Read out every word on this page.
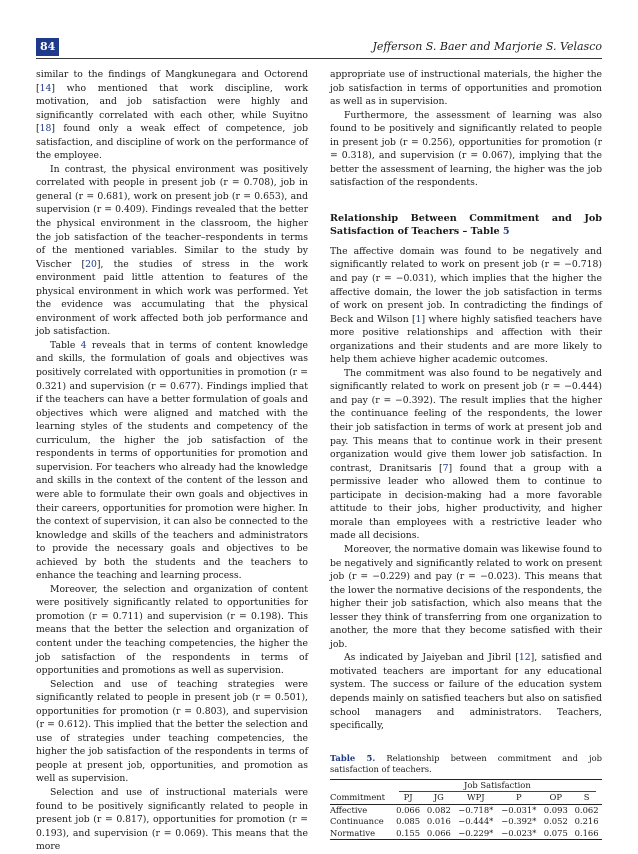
84	Jefferson S. Baer and Marjorie S. Velasco

similar to the findings of Mangkunegara and Octorend [14] who mentioned that work discipline, work motivation, and job satisfaction were highly and significantly correlated with each other, while Suyitno [18] found only a weak effect of competence, job satisfaction, and discipline of work on the performance of the employee.

In contrast, the physical environment was positively correlated with people in present job (r = 0.708), job in general (r = 0.681), work on present job (r = 0.653), and supervision (r = 0.409). Findings revealed that the better the physical environment in the classroom, the higher the job satisfaction of the teacher–respondents in terms of the mentioned variables. Similar to the study by Vischer [20], the studies of stress in the work environment paid little attention to features of the physical environment in which work was performed. Yet the evidence was accumulating that the physical environment of work affected both job performance and job satisfaction.

Table 4 reveals that in terms of content knowledge and skills, the formulation of goals and objectives was positively correlated with opportunities in promotion (r = 0.321) and supervision (r = 0.677). Findings implied that if the teachers can have a better formulation of goals and objectives which were aligned and matched with the learning styles of the students and competency of the curriculum, the higher the job satisfaction of the respondents in terms of opportunities for promotion and supervision. For teachers who already had the knowledge and skills in the context of the content of the lesson and were able to formulate their own goals and objectives in their careers, opportunities for promotion were higher. In the context of supervision, it can also be connected to the knowledge and skills of the teachers and administrators to provide the necessary goals and objectives to be achieved by both the students and the teachers to enhance the teaching and learning process.

Moreover, the selection and organization of content were positively significantly related to opportunities for promotion (r = 0.711) and supervision (r = 0.198). This means that the better the selection and organization of content under the teaching competencies, the higher the job satisfaction of the respondents in terms of opportunities and promotions as well as supervision.

Selection and use of teaching strategies were significantly related to people in present job (r = 0.501), opportunities for promotion (r = 0.803), and supervision (r = 0.612). This implied that the better the selection and use of strategies under teaching competencies, the higher the job satisfaction of the respondents in terms of people at present job, opportunities, and promotion as well as supervision.

Selection and use of instructional materials were found to be positively significantly related to people in present job (r = 0.817), opportunities for promotion (r = 0.193), and supervision (r = 0.069). This means that the more

appropriate use of instructional materials, the higher the job satisfaction in terms of opportunities and promotion as well as in supervision.

Furthermore, the assessment of learning was also found to be positively and significantly related to people in present job (r = 0.256), opportunities for promotion (r = 0.318), and supervision (r = 0.067), implying that the better the assessment of learning, the higher was the job satisfaction of the respondents.

Relationship Between Commitment and Job Satisfaction of Teachers – Table 5

The affective domain was found to be negatively and significantly related to work on present job (r = −0.718) and pay (r = −0.031), which implies that the higher the affective domain, the lower the job satisfaction in terms of work on present job. In contradicting the findings of Beck and Wilson [1] where highly satisfied teachers have more positive relationships and affection with their organizations and their students and are more likely to help them achieve higher academic outcomes.

The commitment was also found to be negatively and significantly related to work on present job (r = −0.444) and pay (r = −0.392). The result implies that the higher the continuance feeling of the respondents, the lower their job satisfaction in terms of work at present job and pay. This means that to continue work in their present organization would give them lower job satisfaction. In contrast, Dranitsaris [7] found that a group with a permissive leader who allowed them to continue to participate in decision-making had a more favorable attitude to their jobs, higher productivity, and higher morale than employees with a restrictive leader who made all decisions.

Moreover, the normative domain was likewise found to be negatively and significantly related to work on present job (r = −0.229) and pay (r = −0.023). This means that the lower the normative decisions of the respondents, the higher their job satisfaction, which also means that the lesser they think of transferring from one organization to another, the more that they become satisfied with their job.

As indicated by Jaiyeban and Jibril [12], satisfied and motivated teachers are important for any educational system. The success or failure of the education system depends mainly on satisfied teachers but also on satisfied school managers and administrators. Teachers, specifically,

Table 5. Relationship between commitment and job satisfaction of teachers.

	Job Satisfaction					

Commitment	PJ	JG	WPJ	P	OP	S
Affective	0.066	0.082	−0.718*	−0.031*	0.093	0.062
Continuance	0.085	0.016	−0.444*	−0.392*	0.052	0.216
Normative	0.155	0.066	−0.229*	−0.023*	0.075	0.166
